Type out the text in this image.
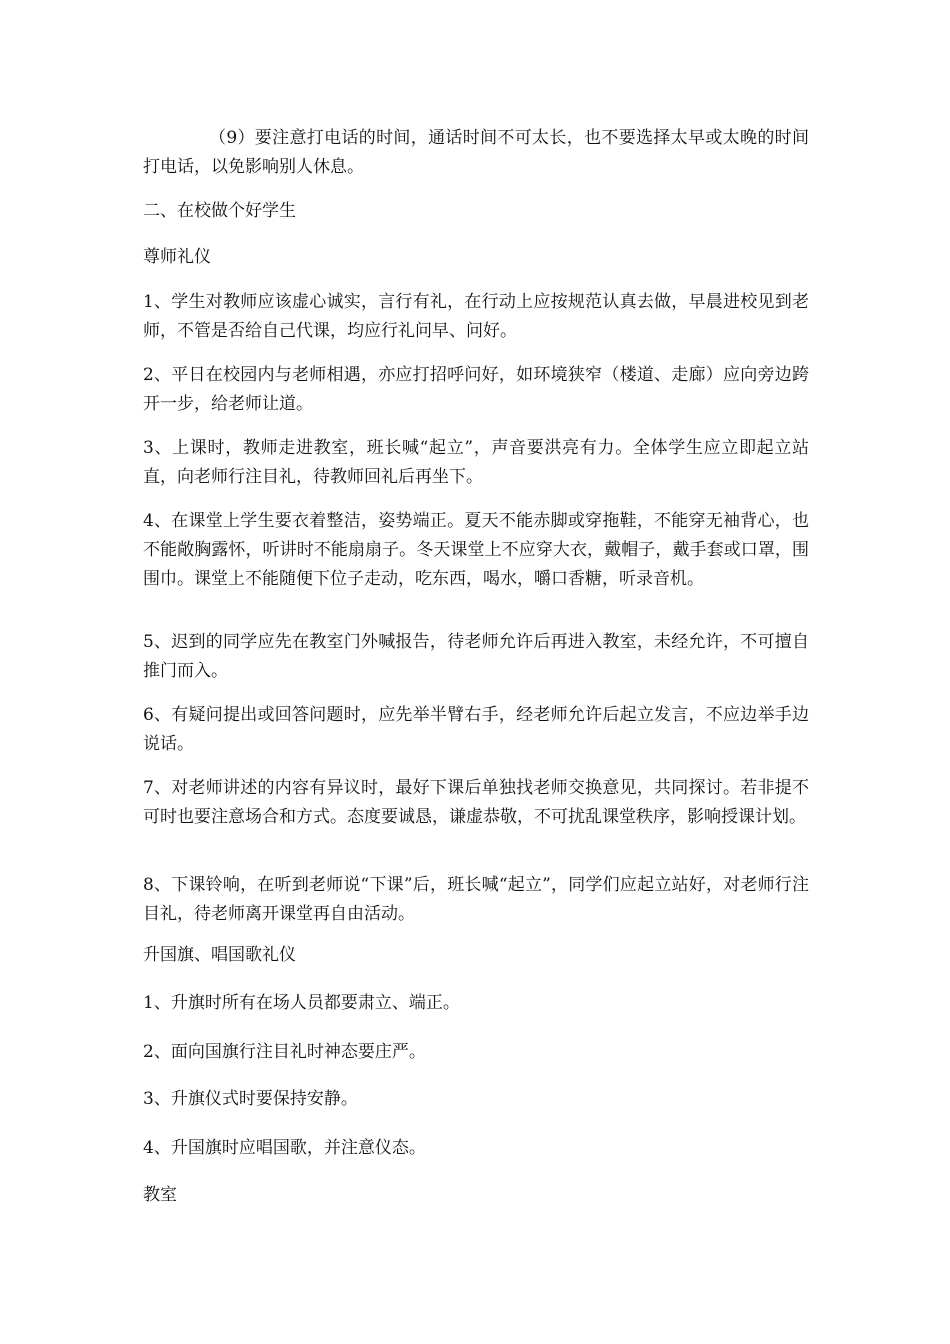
（9）要注意打电话的时间，通话时间不可太长，也不要选择太早或太晚的时间打电话，以免影响别人休息。

二、在校做个好学生

尊师礼仪

1、学生对教师应该虚心诚实，言行有礼，在行动上应按规范认真去做，早晨进校见到老师，不管是否给自己代课，均应行礼问早、问好。

2、平日在校园内与老师相遇，亦应打招呼问好，如环境狭窄（楼道、走廊）应向旁边跨开一步，给老师让道。

3、上课时，教师走进教室，班长喊“起立”，声音要洪亮有力。全体学生应立即起立站直，向老师行注目礼，待教师回礼后再坐下。

4、在课堂上学生要衣着整洁，姿势端正。夏天不能赤脚或穿拖鞋，不能穿无袖背心，也不能敞胸露怀，听讲时不能扇扇子。冬天课堂上不应穿大衣，戴帽子，戴手套或口罩，围围巾。课堂上不能随便下位子走动，吃东西，喝水，嚼口香糖，听录音机。

5、迟到的同学应先在教室门外喊报告，待老师允许后再进入教室，未经允许，不可擅自推门而入。

6、有疑问提出或回答问题时，应先举半臂右手，经老师允许后起立发言，不应边举手边说话。

7、对老师讲述的内容有异议时，最好下课后单独找老师交换意见，共同探讨。若非提不可时也要注意场合和方式。态度要诚恳，谦虚恭敬，不可扰乱课堂秩序，影响授课计划。

8、下课铃响，在听到老师说“下课”后，班长喊“起立”，同学们应起立站好，对老师行注目礼，待老师离开课堂再自由活动。

升国旗、唱国歌礼仪

1、升旗时所有在场人员都要肃立、端正。

2、面向国旗行注目礼时神态要庄严。

3、升旗仪式时要保持安静。

4、升国旗时应唱国歌，并注意仪态。

教室
